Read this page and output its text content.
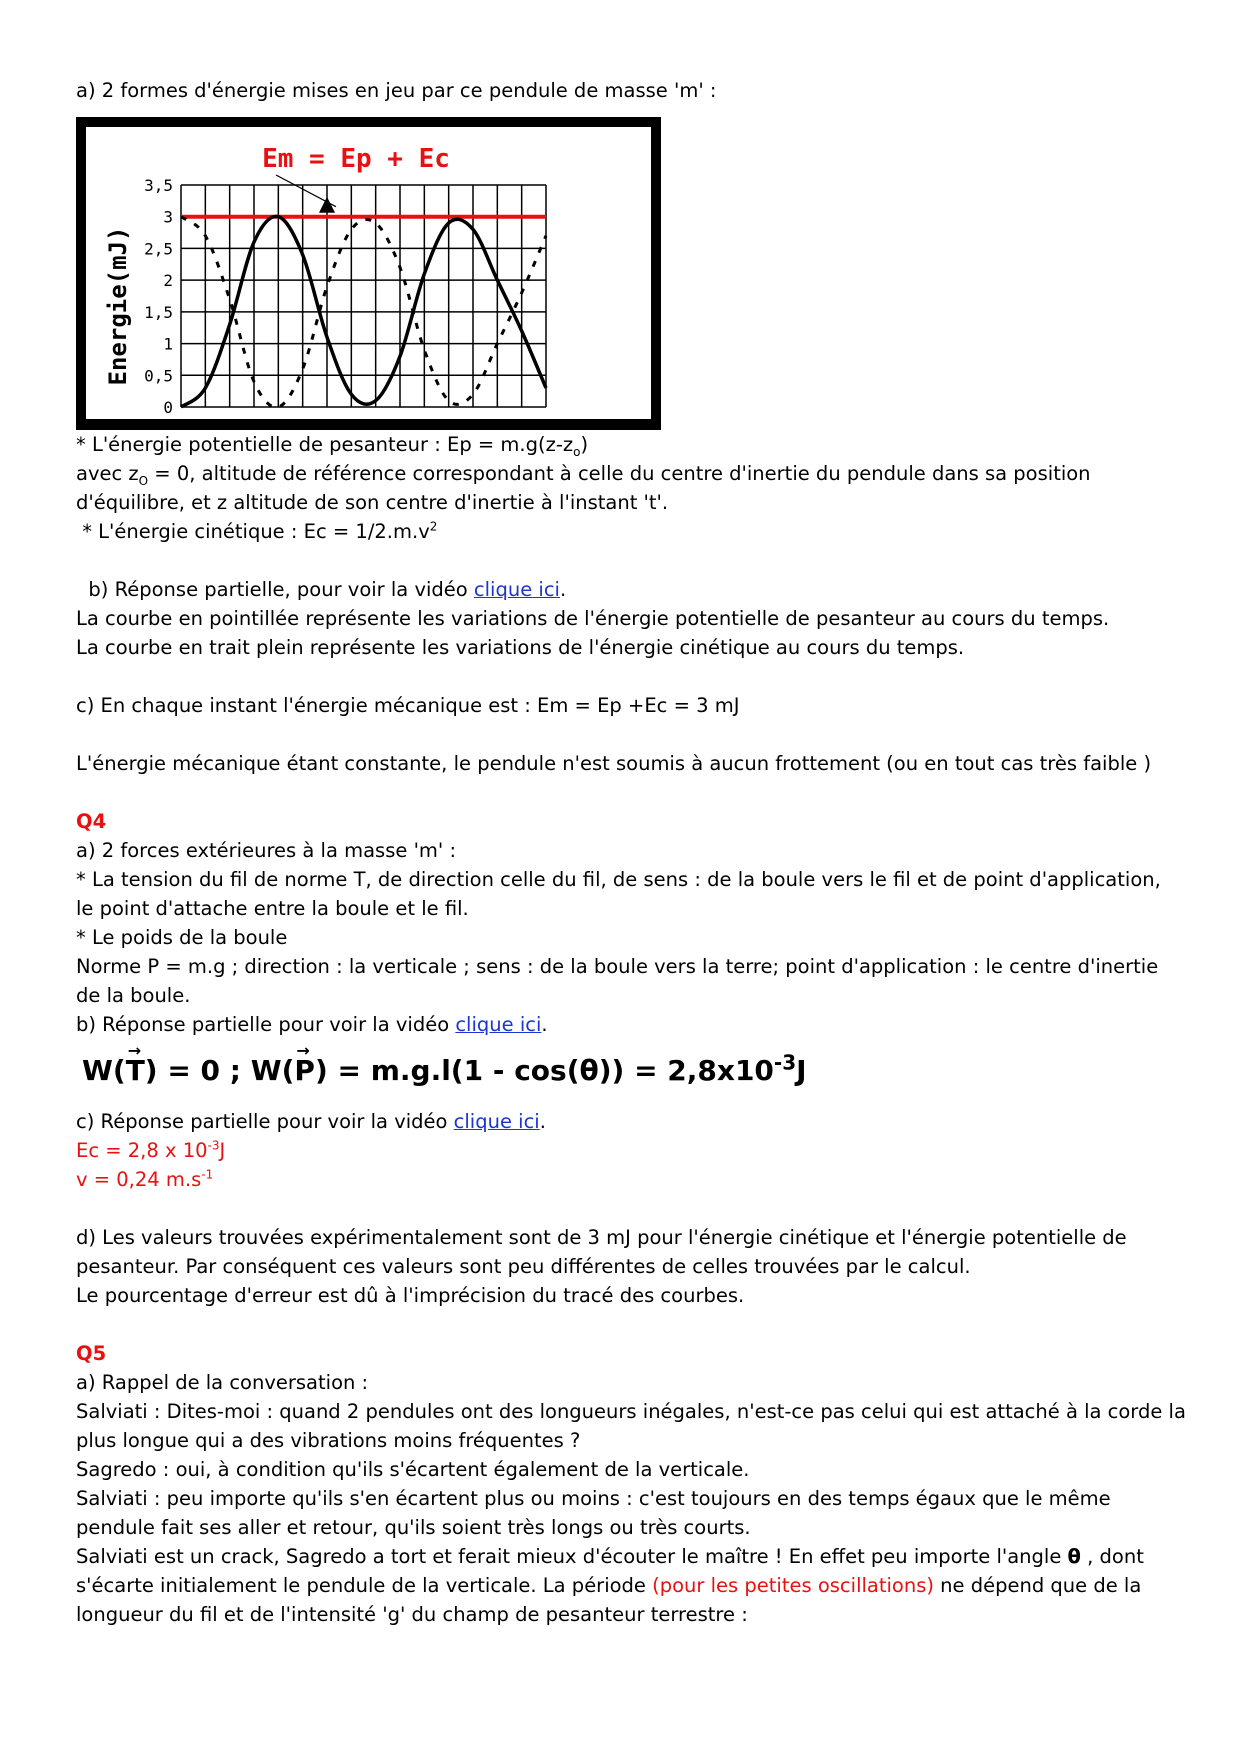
a) 2 formes d'énergie mises en jeu par ce pendule de masse 'm' :
0
0,5
1
1,5
2
2,5
3
3,5
Energie(mJ)
Em = Ep + Ec
* L'énergie potentielle de pesanteur : $Ep = m.g(z-z_o)$
avec $z_O = 0$, altitude de référence correspondant à celle du centre d'inertie du pendule dans sa position
d'équilibre, et z altitude de son centre d'inertie à l'instant 't'.
* L'énergie cinétique : $Ec = 1/2.m.v^2$
b) Réponse partielle, pour voir la vidéo clique ici.
La courbe en pointillée représente les variations de l'énergie potentielle de pesanteur au cours du temps.
La courbe en trait plein représente les variations de l'énergie cinétique au cours du temps.
c) En chaque instant l'énergie mécanique est : Em = Ep +Ec = 3 mJ
L'énergie mécanique étant constante, le pendule n'est soumis à aucun frottement (ou en tout cas très faible )
Q4
a) 2 forces extérieures à la masse 'm' :
* La tension du fil de norme T, de direction celle du fil, de sens : de la boule vers le fil et de point d'application,
le point d'attache entre la boule et le fil.
* Le poids de la boule
Norme P = m.g ; direction : la verticale ; sens : de la boule vers la terre; point d'application : le centre d'inertie
de la boule.
b) Réponse partielle pour voir la vidéo clique ici.
W(→ T) = 0 ; $W(\to P) = m.g.l(1 - \cos(\theta)) = 2,8x10^{-3}J$
c) Réponse partielle pour voir la vidéo clique ici.
Ec = 2,8 x $10^{-3}J$
v = 0,24 $m.s^{-1}$
d) Les valeurs trouvées expérimentalement sont de 3 mJ pour l'énergie cinétique et l'énergie potentielle de
pesanteur. Par conséquent ces valeurs sont peu différentes de celles trouvées par le calcul.
Le pourcentage d'erreur est dû à l'imprécision du tracé des courbes.
Q5
a) Rappel de la conversation :
Salviati : Dites-moi : quand 2 pendules ont des longueurs inégales, n'est-ce pas celui qui est attaché à la corde la
plus longue qui a des vibrations moins fréquentes ?
Sagredo : oui, à condition qu'ils s'écartent également de la verticale.
Salviati : peu importe qu'ils s'en écartent plus ou moins : c'est toujours en des temps égaux que le même
pendule fait ses aller et retour, qu'ils soient très longs ou très courts.
Salviati est un crack, Sagredo a tort et ferait mieux d'écouter le maître ! En effet peu importe l'angle θ , dont
s'écarte initialement le pendule de la verticale. La période (pour les petites oscillations) ne dépend que de la
longueur du fil et de l'intensité 'g' du champ de pesanteur terrestre :
